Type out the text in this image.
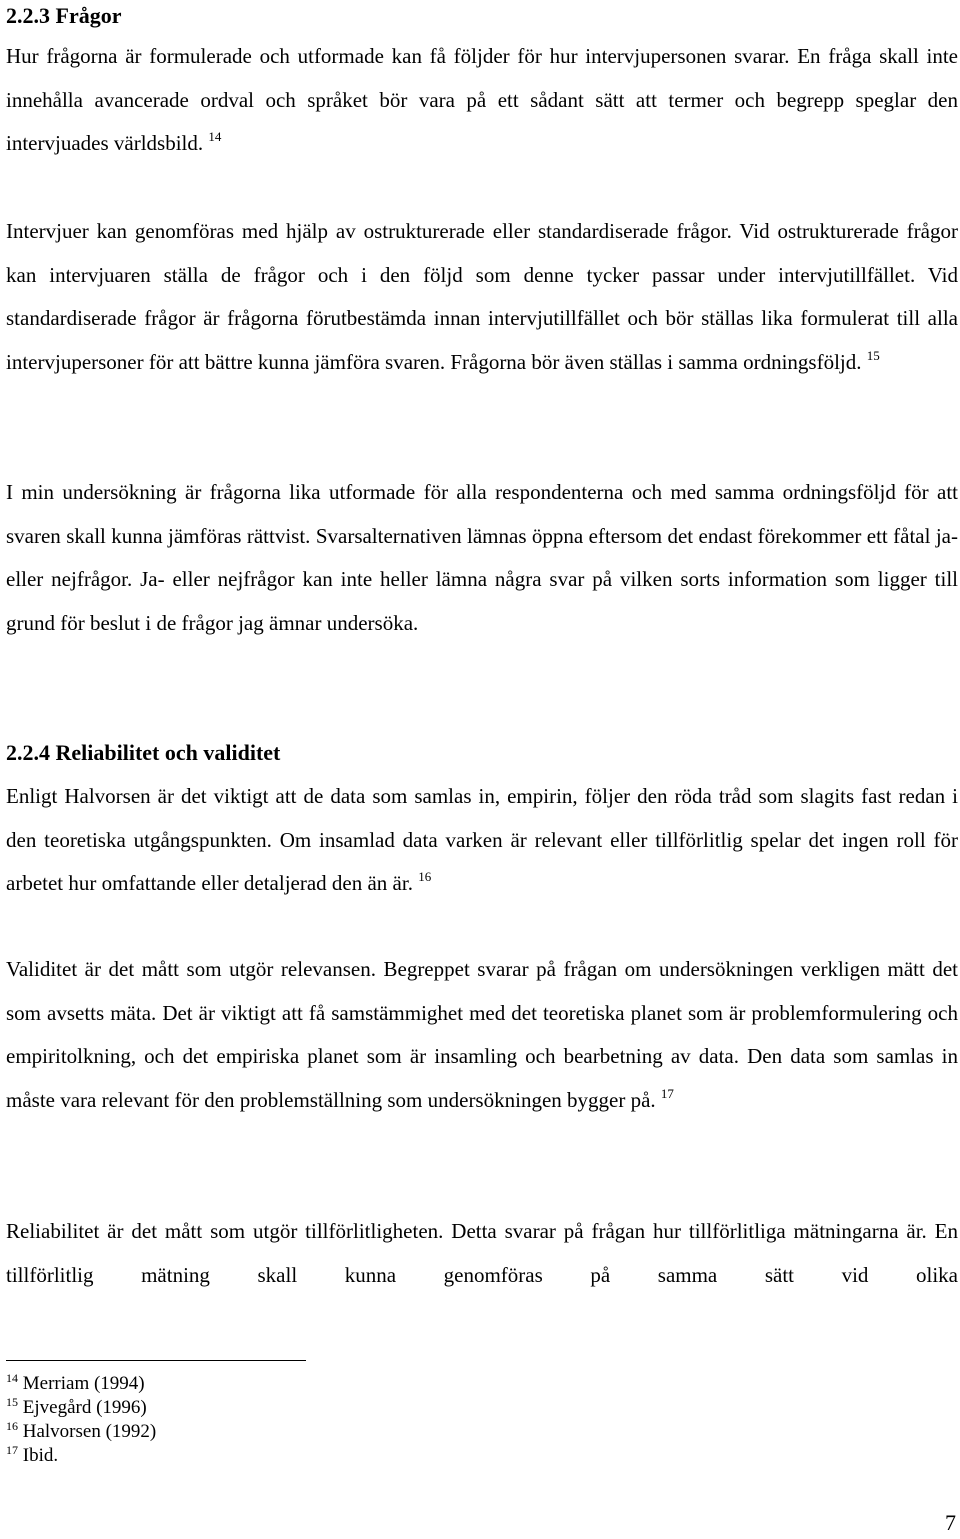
2.2.3 Frågor

Hur frågorna är formulerade och utformade kan få följder för hur intervjupersonen svarar. En fråga skall inte innehålla avancerade ordval och språket bör vara på ett sådant sätt att termer och begrepp speglar den intervjuades världsbild. $^{14}$

Intervjuer kan genomföras med hjälp av ostrukturerade eller standardiserade frågor. Vid ostrukturerade frågor kan intervjuaren ställa de frågor och i den följd som denne tycker passar under intervjutillfället. Vid standardiserade frågor är frågorna förutbestämda innan intervjutillfället och bör ställas lika formulerat till alla intervjupersoner för att bättre kunna jämföra svaren. Frågorna bör även ställas i samma ordningsföljd. $^{15}$

I min undersökning är frågorna lika utformade för alla respondenterna och med samma ordningsföljd för att svaren skall kunna jämföras rättvist. Svarsalternativen lämnas öppna eftersom det endast förekommer ett fåtal ja- eller nejfrågor. Ja- eller nejfrågor kan inte heller lämna några svar på vilken sorts information som ligger till grund för beslut i de frågor jag ämnar undersöka.

2.2.4 Reliabilitet och validitet

Enligt Halvorsen är det viktigt att de data som samlas in, empirin, följer den röda tråd som slagits fast redan i den teoretiska utgångspunkten. Om insamlad data varken är relevant eller tillförlitlig spelar det ingen roll för arbetet hur omfattande eller detaljerad den än är. $^{16}$

Validitet är det mått som utgör relevansen. Begreppet svarar på frågan om undersökningen verkligen mätt det som avsetts mäta. Det är viktigt att få samstämmighet med det teoretiska planet som är problemformulering och empiritolkning, och det empiriska planet som är insamling och bearbetning av data. Den data som samlas in måste vara relevant för den problemställning som undersökningen bygger på. $^{17}$

Reliabilitet är det mått som utgör tillförlitligheten. Detta svarar på frågan hur tillförlitliga mätningarna är. En tillförlitlig mätning skall kunna genomföras på samma sätt vid olika

$^{14}$ Merriam (1994)
$^{15}$ Ejvegård (1996)
$^{16}$ Halvorsen (1992)
$^{17}$ Ibid.
7
